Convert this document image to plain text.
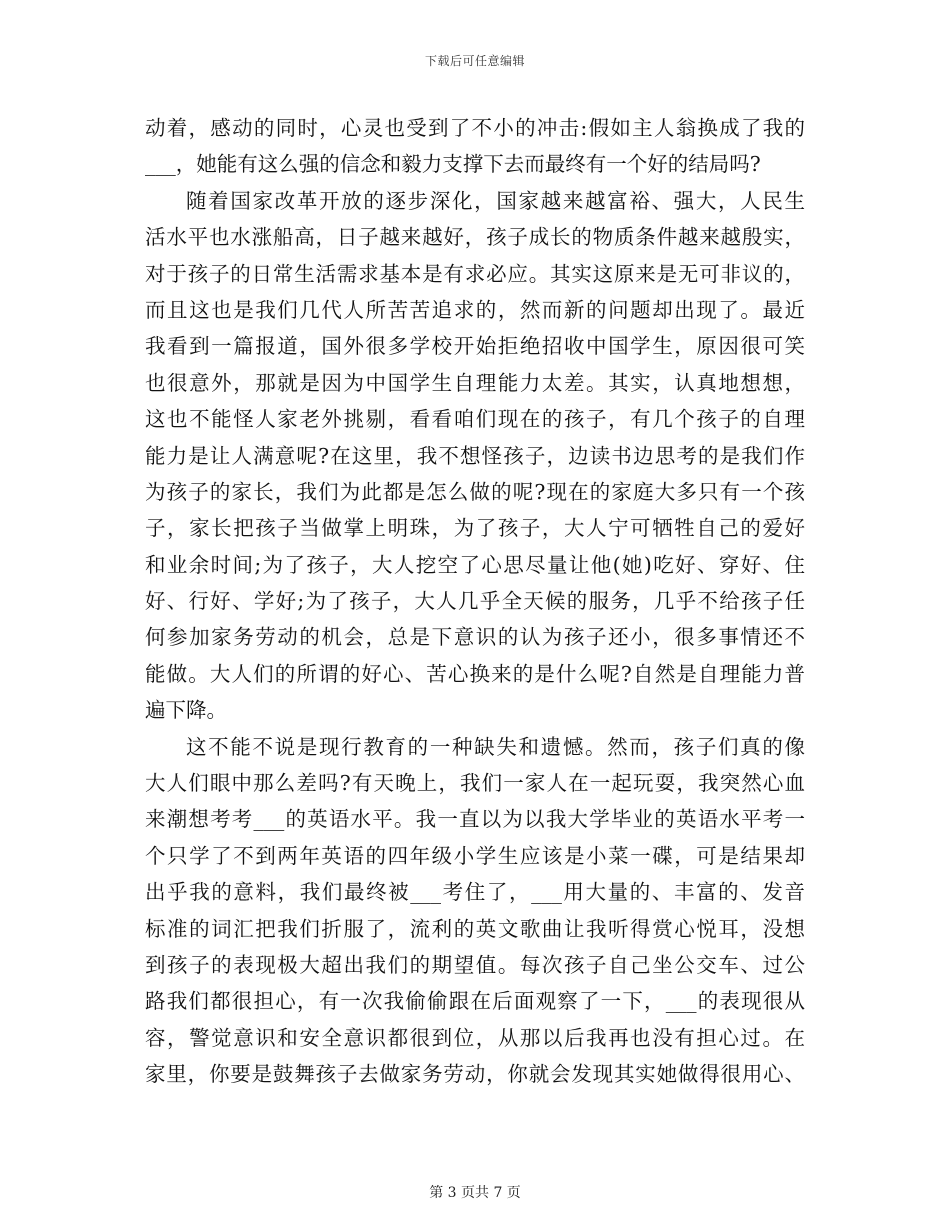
下载后可任意编辑
动着，感动的同时，心灵也受到了不小的冲击:假如主人翁换成了我的
___，她能有这么强的信念和毅力支撑下去而最终有一个好的结局吗?
随着国家改革开放的逐步深化，国家越来越富裕、强大，人民生
活水平也水涨船高，日子越来越好，孩子成长的物质条件越来越殷实，
对于孩子的日常生活需求基本是有求必应。其实这原来是无可非议的，
而且这也是我们几代人所苦苦追求的，然而新的问题却出现了。最近
我看到一篇报道，国外很多学校开始拒绝招收中国学生，原因很可笑
也很意外，那就是因为中国学生自理能力太差。其实，认真地想想，
这也不能怪人家老外挑剔，看看咱们现在的孩子，有几个孩子的自理
能力是让人满意呢?在这里，我不想怪孩子，边读书边思考的是我们作
为孩子的家长，我们为此都是怎么做的呢?现在的家庭大多只有一个孩
子，家长把孩子当做掌上明珠，为了孩子，大人宁可牺牲自己的爱好
和业余时间;为了孩子，大人挖空了心思尽量让他(她)吃好、穿好、住
好、行好、学好;为了孩子，大人几乎全天候的服务，几乎不给孩子任
何参加家务劳动的机会，总是下意识的认为孩子还小，很多事情还不
能做。大人们的所谓的好心、苦心换来的是什么呢?自然是自理能力普
遍下降。
这不能不说是现行教育的一种缺失和遗憾。然而，孩子们真的像
大人们眼中那么差吗?有天晚上，我们一家人在一起玩耍，我突然心血
来潮想考考___的英语水平。我一直以为以我大学毕业的英语水平考一
个只学了不到两年英语的四年级小学生应该是小菜一碟，可是结果却
出乎我的意料，我们最终被___考住了，___用大量的、丰富的、发音
标准的词汇把我们折服了，流利的英文歌曲让我听得赏心悦耳，没想
到孩子的表现极大超出我们的期望值。每次孩子自己坐公交车、过公
路我们都很担心，有一次我偷偷跟在后面观察了一下，___的表现很从
容，警觉意识和安全意识都很到位，从那以后我再也没有担心过。在
家里，你要是鼓舞孩子去做家务劳动，你就会发现其实她做得很用心、
第 3 页共 7 页
